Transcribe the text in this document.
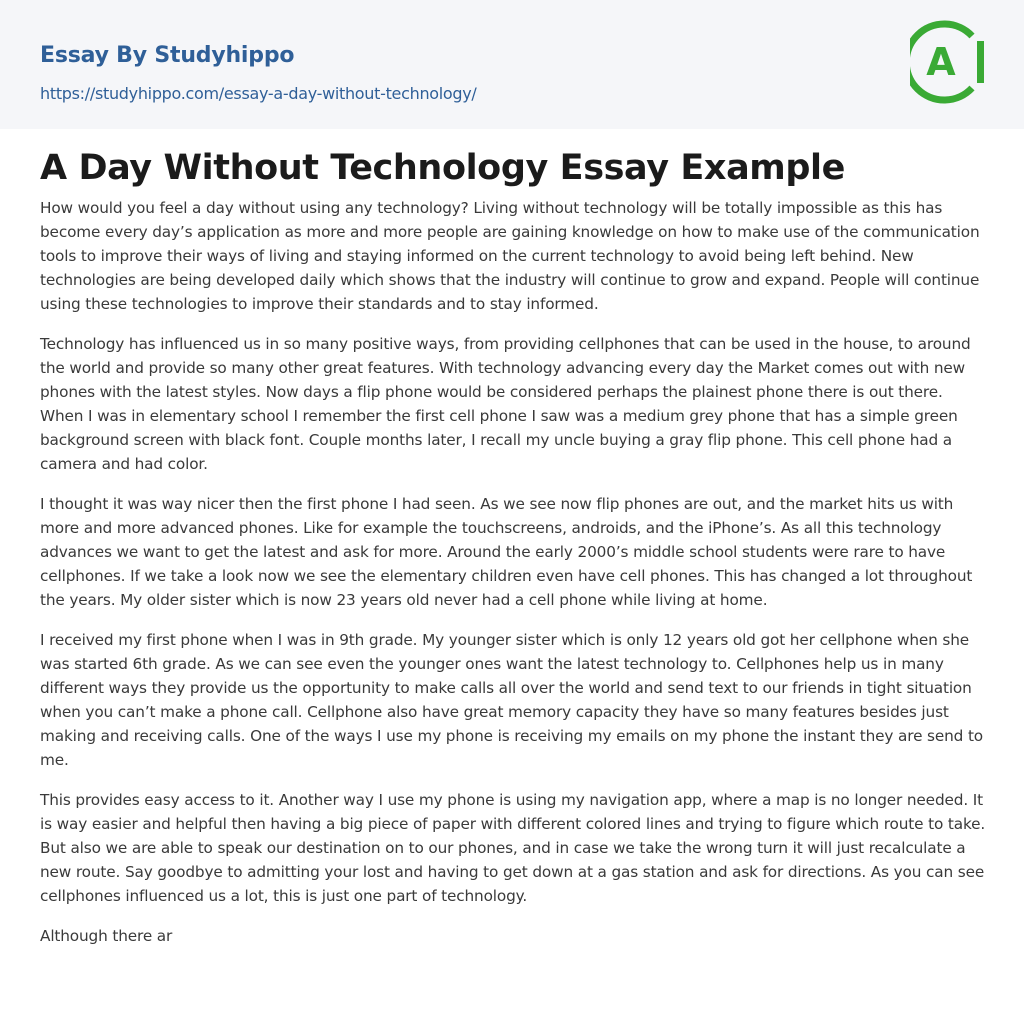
Essay By Studyhippo
https://studyhippo.com/essay-a-day-without-technology/
A
A Day Without Technology Essay Example

How would you feel a day without using any technology? Living without technology will be totally impossible as this has become every day’s application as more and more people are gaining knowledge on how to make use of the communication tools to improve their ways of living and staying informed on the current technology to avoid being left behind. New technologies are being developed daily which shows that the industry will continue to grow and expand. People will continue using these technologies to improve their standards and to stay informed.

Technology has influenced us in so many positive ways, from providing cellphones that can be used in the house, to around the world and provide so many other great features. With technology advancing every day the Market comes out with new phones with the latest styles. Now days a flip phone would be considered perhaps the plainest phone there is out there. When I was in elementary school I remember the first cell phone I saw was a medium grey phone that has a simple green background screen with black font. Couple months later, I recall my uncle buying a gray flip phone. This cell phone had a camera and had color.

I thought it was way nicer then the first phone I had seen. As we see now flip phones are out, and the market hits us with more and more advanced phones. Like for example the touchscreens, androids, and the iPhone’s. As all this technology advances we want to get the latest and ask for more. Around the early 2000’s middle school students were rare to have cellphones. If we take a look now we see the elementary children even have cell phones. This has changed a lot throughout the years. My older sister which is now 23 years old never had a cell phone while living at home.

I received my first phone when I was in 9th grade. My younger sister which is only 12 years old got her cellphone when she was started 6th grade. As we can see even the younger ones want the latest technology to. Cellphones help us in many different ways they provide us the opportunity to make calls all over the world and send text to our friends in tight situation when you can’t make a phone call. Cellphone also have great memory capacity they have so many features besides just making and receiving calls. One of the ways I use my phone is receiving my emails on my phone the instant they are send to me.

This provides easy access to it. Another way I use my phone is using my navigation app, where a map is no longer needed. It is way easier and helpful then having a big piece of paper with different colored lines and trying to figure which route to take. But also we are able to speak our destination on to our phones, and in case we take the wrong turn it will just recalculate a new route. Say goodbye to admitting your lost and having to get down at a gas station and ask for directions. As you can see cellphones influenced us a lot, this is just one part of technology.

Although there ar
